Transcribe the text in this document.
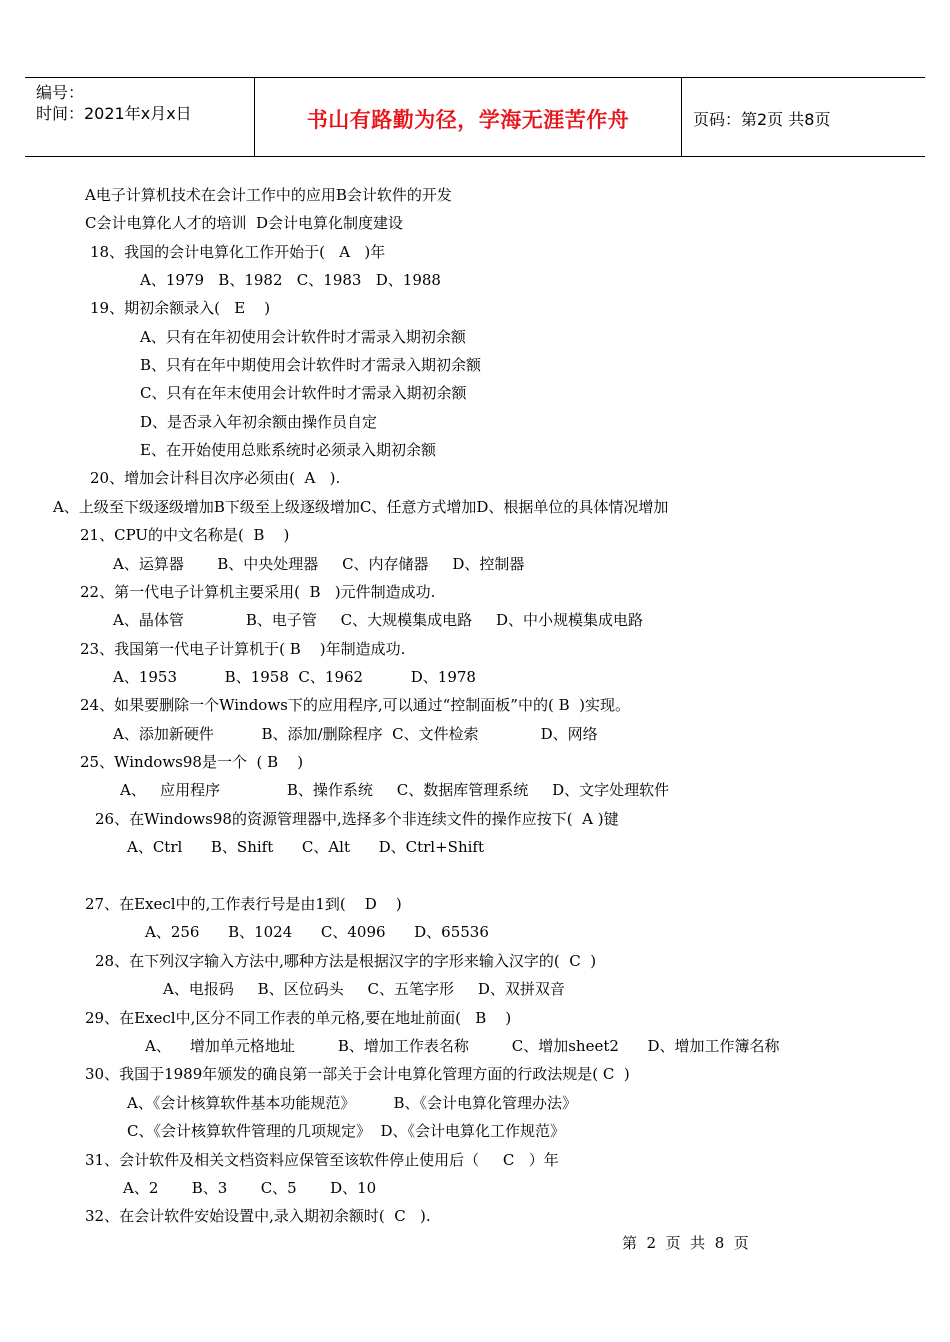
编号：
时间：2021年x月x日	书山有路勤为径，学海无涯苦作舟	页码：第2页 共8页
A电子计算机技术在会计工作中的应用B会计软件的开发
C会计电算化人才的培训  D会计电算化制度建设
18、我国的会计电算化工作开始于(   A   )年
A、1979   B、1982   C、1983   D、1988
19、期初余额录入(   E    )
A、只有在年初使用会计软件时才需录入期初余额
B、只有在年中期使用会计软件时才需录入期初余额
C、只有在年末使用会计软件时才需录入期初余额
D、是否录入年初余额由操作员自定
E、在开始使用总账系统时必须录入期初余额
20、增加会计科目次序必须由(  A   ).
A、上级至下级逐级增加B下级至上级逐级增加C、任意方式增加D、根据单位的具体情况增加
21、CPU的中文名称是(  B    )
A、运算器       B、中央处理器     C、内存储器     D、控制器
22、第一代电子计算机主要采用(  B   )元件制造成功.
A、晶体管             B、电子管     C、大规模集成电路     D、中小规模集成电路
23、我国第一代电子计算机于( B    )年制造成功.
A、1953          B、1958  C、1962          D、1978
24、如果要删除一个Windows下的应用程序,可以通过“控制面板”中的( B  )实现。
A、添加新硬件          B、添加/删除程序  C、文件检索             D、网络
25、Windows98是一个  ( B    )
A、   应用程序              B、操作系统     C、数据库管理系统     D、文字处理软件
26、在Windows98的资源管理器中,选择多个非连续文件的操作应按下(  A )键
A、Ctrl      B、Shift      C、Alt      D、Ctrl+Shift
27、在Execl中的,工作表行号是由1到(    D    )
A、256      B、1024      C、4096      D、65536
28、在下列汉字输入方法中,哪种方法是根据汉字的字形来输入汉字的(  C  )
A、电报码     B、区位码头     C、五笔字形     D、双拼双音
29、在Execl中,区分不同工作表的单元格,要在地址前面(   B    )
A、    增加单元格地址         B、增加工作表名称         C、增加sheet2      D、增加工作簿名称
30、我国于1989年颁发的确良第一部关于会计电算化管理方面的行政法规是( C  )
A、《会计核算软件基本功能规范》        B、《会计电算化管理办法》
C、《会计核算软件管理的几项规定》  D、《会计电算化工作规范》
31、会计软件及相关文档资料应保管至该软件停止使用后（     C   ）年
A、2       B、3       C、5       D、10
32、在会计软件安始设置中,录入期初余额时(  C   ).
第  2  页  共  8  页
